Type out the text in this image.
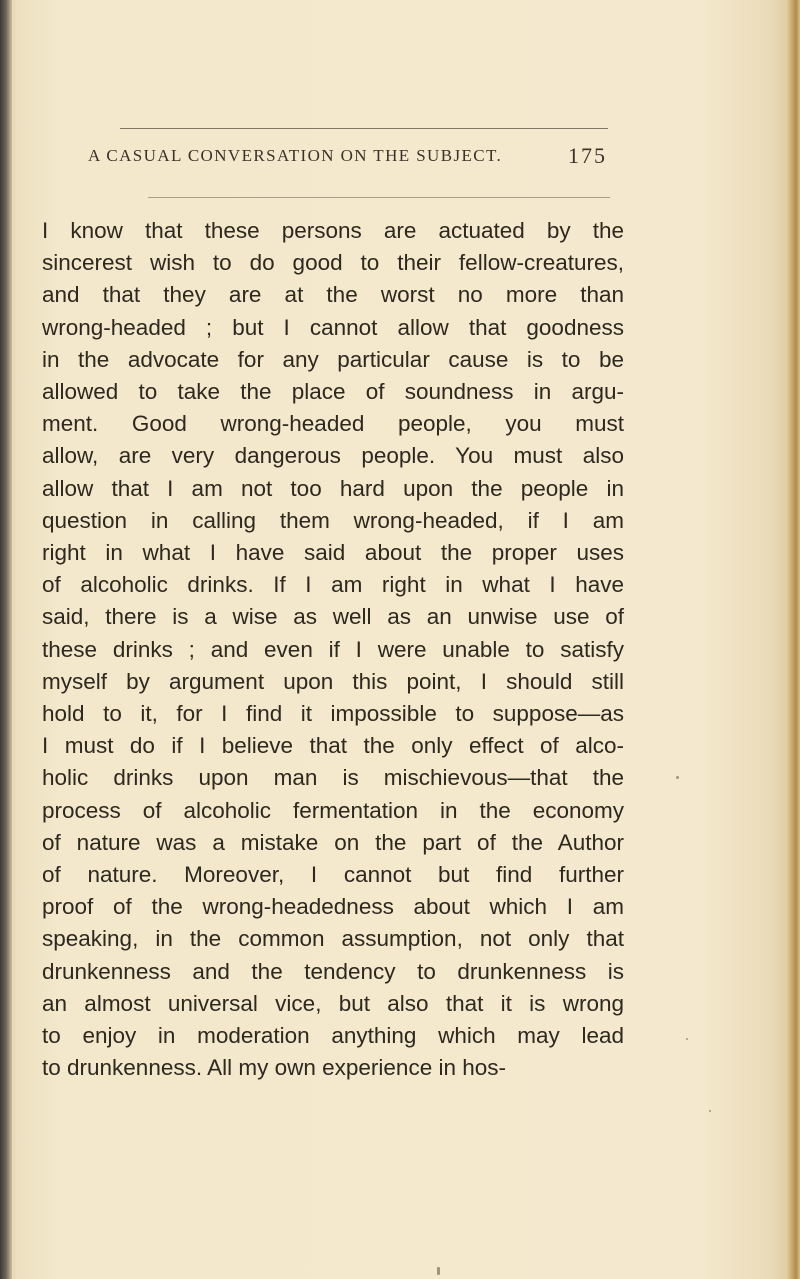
A CASUAL CONVERSATION ON THE SUBJECT.	175
I know that these persons are actuated by the
sincerest wish to do good to their fellow-creatures,
and that they are at the worst no more than
wrong-headed ; but I cannot allow that goodness
in the advocate for any particular cause is to be
allowed to take the place of soundness in argu-
ment. Good wrong-headed people, you must
allow, are very dangerous people. You must also
allow that I am not too hard upon the people in
question in calling them wrong-headed, if I am
right in what I have said about the proper uses
of alcoholic drinks. If I am right in what I have
said, there is a wise as well as an unwise use of
these drinks ; and even if I were unable to satisfy
myself by argument upon this point, I should still
hold to it, for I find it impossible to suppose—as
I must do if I believe that the only effect of alco-
holic drinks upon man is mischievous—that the
process of alcoholic fermentation in the economy
of nature was a mistake on the part of the Author
of nature. Moreover, I cannot but find further
proof of the wrong-headedness about which I am
speaking, in the common assumption, not only that
drunkenness and the tendency to drunkenness is
an almost universal vice, but also that it is wrong
to enjoy in moderation anything which may lead
to drunkenness. All my own experience in hos-
